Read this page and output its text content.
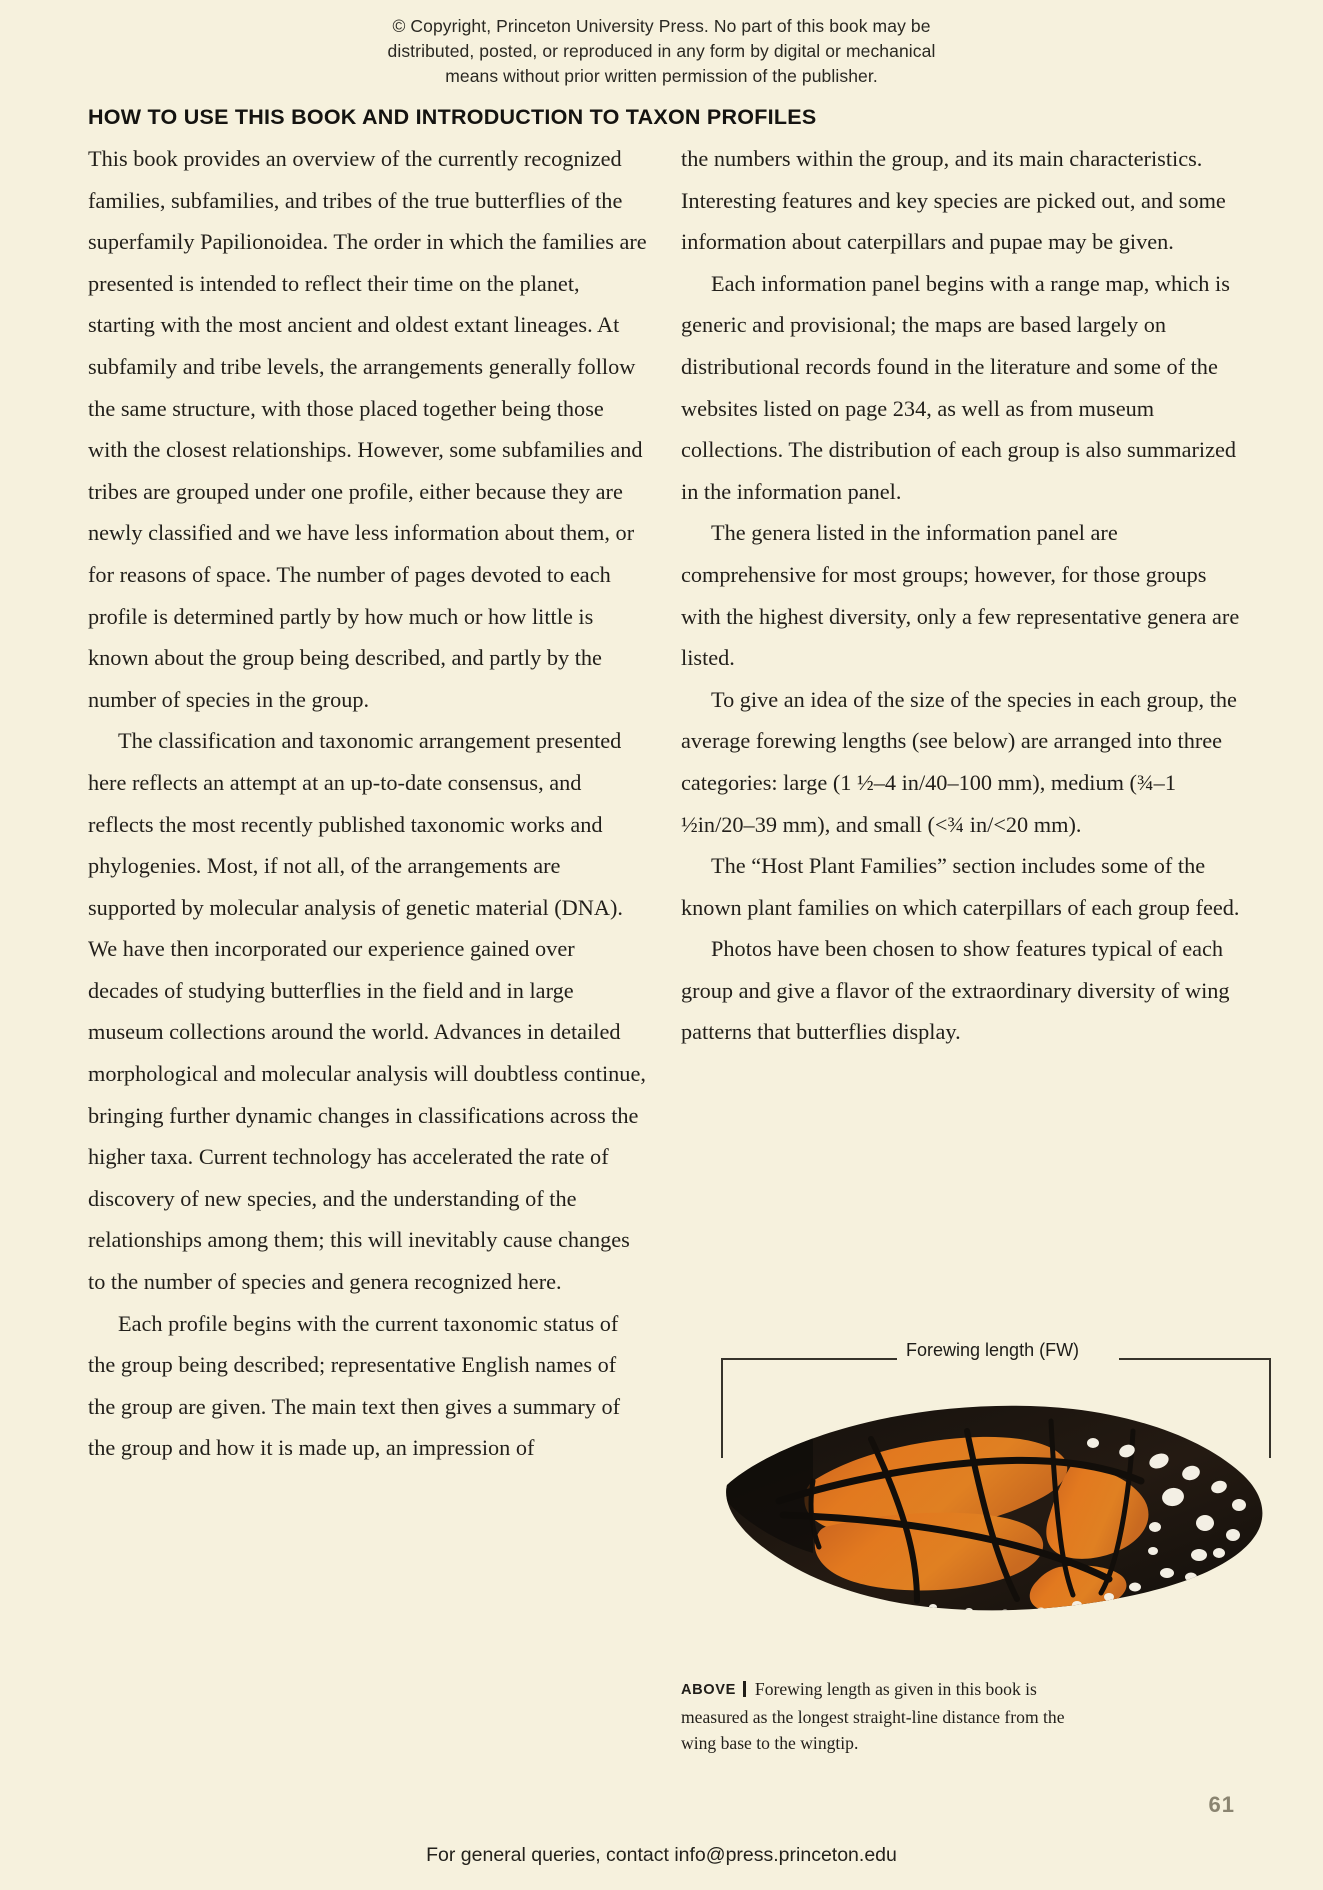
© Copyright, Princeton University Press. No part of this book may be
distributed, posted, or reproduced in any form by digital or mechanical
means without prior written permission of the publisher.
HOW TO USE THIS BOOK AND INTRODUCTION TO TAXON PROFILES

This book provides an overview of the currently recognized families, subfamilies, and tribes of the true butterflies of the superfamily Papilionoidea. The order in which the families are presented is intended to reflect their time on the planet, starting with the most ancient and oldest extant lineages. At subfamily and tribe levels, the arrangements generally follow the same structure, with those placed together being those with the closest relationships. However, some subfamilies and tribes are grouped under one profile, either because they are newly classified and we have less information about them, or for reasons of space. The number of pages devoted to each profile is determined partly by how much or how little is known about the group being described, and partly by the number of species in the group.

The classification and taxonomic arrangement presented here reflects an attempt at an up-to-date consensus, and reflects the most recently published taxonomic works and phylogenies. Most, if not all, of the arrangements are supported by molecular analysis of genetic material (DNA). We have then incorporated our experience gained over decades of studying butterflies in the field and in large museum collections around the world. Advances in detailed morphological and molecular analysis will doubtless continue, bringing further dynamic changes in classifications across the higher taxa. Current technology has accelerated the rate of discovery of new species, and the understanding of the relationships among them; this will inevitably cause changes to the number of species and genera recognized here.

Each profile begins with the current taxonomic status of the group being described; representative English names of the group are given. The main text then gives a summary of the group and how it is made up, an impression of

the numbers within the group, and its main characteristics. Interesting features and key species are picked out, and some information about caterpillars and pupae may be given.

Each information panel begins with a range map, which is generic and provisional; the maps are based largely on distributional records found in the literature and some of the websites listed on page 234, as well as from museum collections. The distribution of each group is also summarized in the information panel.

The genera listed in the information panel are comprehensive for most groups; however, for those groups with the highest diversity, only a few representative genera are listed.

To give an idea of the size of the species in each group, the average forewing lengths (see below) are arranged into three categories: large (1 ½–4 in/40–100 mm), medium (¾–1 ½in/20–39 mm), and small (<¾ in/<20 mm).

The “Host Plant Families” section includes some of the known plant families on which caterpillars of each group feed.

Photos have been chosen to show features typical of each group and give a flavor of the extraordinary diversity of wing patterns that butterflies display.

Forewing length (FW)
ABOVE Forewing length as given in this book is measured as the longest straight-line distance from the wing base to the wingtip.
61
For general queries, contact info@press.princeton.edu
